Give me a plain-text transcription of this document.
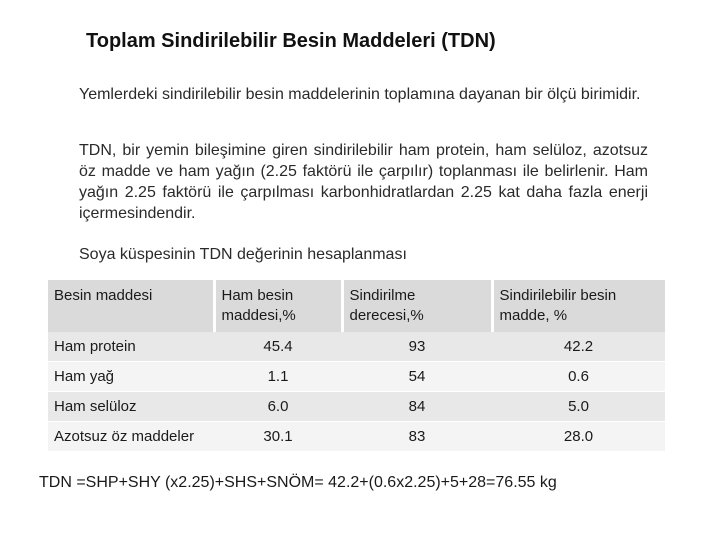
Toplam Sindirilebilir Besin Maddeleri (TDN)
Yemlerdeki sindirilebilir besin maddelerinin toplamına dayanan bir ölçü birimidir.
TDN, bir yemin bileşimine giren sindirilebilir ham protein, ham selüloz, azotsuz öz madde ve ham yağın (2.25 faktörü ile çarpılır) toplanması ile belirlenir. Ham yağın 2.25 faktörü ile çarpılması karbonhidratlardan 2.25 kat daha fazla enerji içermesindendir.
Soya küspesinin TDN değerinin hesaplanması
Besin maddesi	Ham besin maddesi,%	Sindirilme derecesi,%	Sindirilebilir besin madde, %
Ham protein	45.4	93	42.2
Ham yağ	1.1	54	0.6
Ham selüloz	6.0	84	5.0
Azotsuz öz maddeler	30.1	83	28.0
TDN =SHP+SHY (x2.25)+SHS+SNÖM= 42.2+(0.6x2.25)+5+28=76.55 kg
